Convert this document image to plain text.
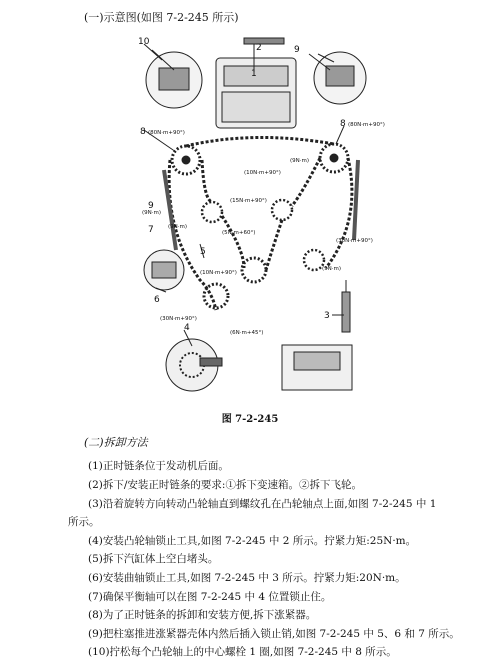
(一)示意图(如图 7-2-245 所示)
1
2
3
4
5
6
7
8
8
9
9
10
(80N·m+90°)
(80N·m+90°)
(9N·m)
(10N·m+90°)
(15N·m+90°)
(9N·m)
(9N·m)
(5N·m+60°)
(30N·m+90°)
(9N·m)
(10N·m+90°)
(30N·m+90°)
(6N·m+45°)
图 7-2-245
(二)拆卸方法
(1)正时链条位于发动机后面。
(2)拆下/安装正时链条的要求:①拆下变速箱。②拆下飞轮。
(3)沿着旋转方向转动凸轮轴直到螺纹孔在凸轮轴点上面,如图 7-2-245 中 1
所示。
(4)安装凸轮轴锁止工具,如图 7-2-245 中 2 所示。拧紧力矩:25N·m。
(5)拆下汽缸体上空白堵头。
(6)安装曲轴锁止工具,如图 7-2-245 中 3 所示。拧紧力矩:20N·m。
(7)确保平衡轴可以在图 7-2-245 中 4 位置锁止住。
(8)为了正时链条的拆卸和安装方便,拆下涨紧器。
(9)把柱塞推进涨紧器壳体内然后插入锁止销,如图 7-2-245 中 5、6 和 7 所示。
(10)拧松每个凸轮轴上的中心螺栓 1 圈,如图 7-2-245 中 8 所示。
